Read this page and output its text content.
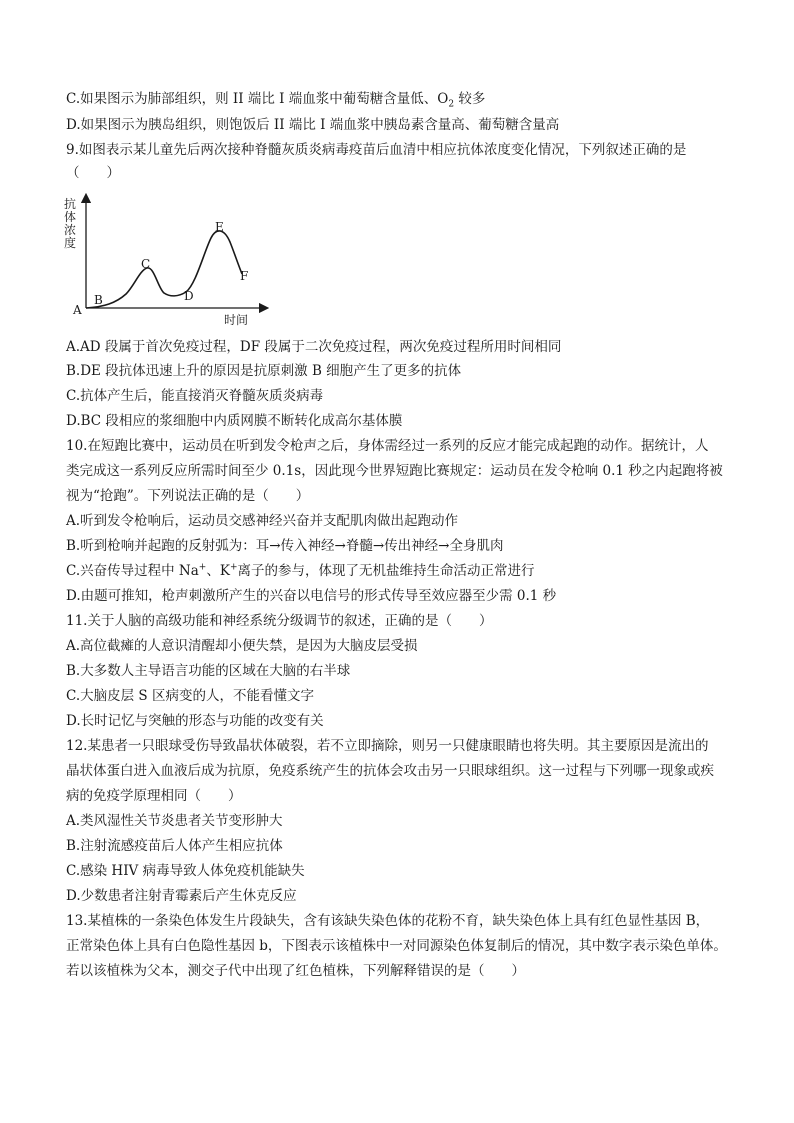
C.如果图示为肺部组织，则 II 端比 I 端血浆中葡萄糖含量低、$O_2$ 较多
D.如果图示为胰岛组织，则饱饭后 II 端比 I 端血浆中胰岛素含量高、葡萄糖含量高
9.如图表示某儿童先后两次接种脊髓灰质炎病毒疫苗后血清中相应抗体浓度变化情况，下列叙述正确的是
（　　）
抗
体
浓
度
时间
A
B
C
D
E
F
A.AD 段属于首次免疫过程，DF 段属于二次免疫过程，两次免疫过程所用时间相同
B.DE 段抗体迅速上升的原因是抗原刺激 B 细胞产生了更多的抗体
C.抗体产生后，能直接消灭脊髓灰质炎病毒
D.BC 段相应的浆细胞中内质网膜不断转化成高尔基体膜
10.在短跑比赛中，运动员在听到发令枪声之后，身体需经过一系列的反应才能完成起跑的动作。据统计，人
类完成这一系列反应所需时间至少 0.1s，因此现今世界短跑比赛规定：运动员在发令枪响 0.1 秒之内起跑将被
视为“抢跑”。下列说法正确的是（　　）
A.听到发令枪响后，运动员交感神经兴奋并支配肌肉做出起跑动作
B.听到枪响并起跑的反射弧为：耳→传入神经→脊髓→传出神经→全身肌肉
C.兴奋传导过程中 Na+、K+离子的参与，体现了无机盐维持生命活动正常进行
D.由题可推知，枪声刺激所产生的兴奋以电信号的形式传导至效应器至少需 0.1 秒
11.关于人脑的高级功能和神经系统分级调节的叙述，正确的是（　　）
A.高位截瘫的人意识清醒却小便失禁，是因为大脑皮层受损
B.大多数人主导语言功能的区域在大脑的右半球
C.大脑皮层 S 区病变的人，不能看懂文字
D.长时记忆与突触的形态与功能的改变有关
12.某患者一只眼球受伤导致晶状体破裂，若不立即摘除，则另一只健康眼睛也将失明。其主要原因是流出的
晶状体蛋白进入血液后成为抗原，免疫系统产生的抗体会攻击另一只眼球组织。这一过程与下列哪一现象或疾
病的免疫学原理相同（　　）
A.类风湿性关节炎患者关节变形肿大
B.注射流感疫苗后人体产生相应抗体
C.感染 HIV 病毒导致人体免疫机能缺失
D.少数患者注射青霉素后产生休克反应
13.某植株的一条染色体发生片段缺失，含有该缺失染色体的花粉不育，缺失染色体上具有红色显性基因 B，
正常染色体上具有白色隐性基因 b，下图表示该植株中一对同源染色体复制后的情况，其中数字表示染色单体。
若以该植株为父本，测交子代中出现了红色植株，下列解释错误的是（　　）
